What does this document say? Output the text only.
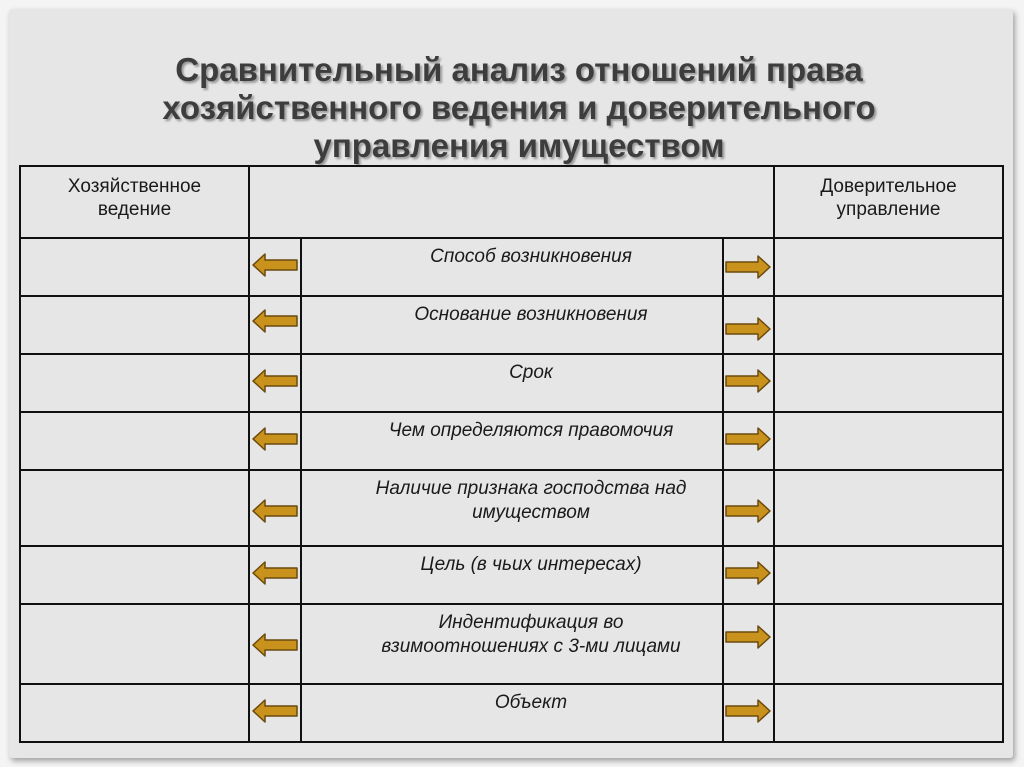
Сравнительный анализ отношений права
хозяйственного ведения и доверительного
управления имуществом
Хозяйственное
ведение
Доверительное
управление
Способ возникновения
Основание возникновения
Срок
Чем определяются правомочия
Наличие признака господства над
имуществом
Цель (в чьих интересах)
Индентификация во
взимоотношениях с 3-ми лицами
Объект
